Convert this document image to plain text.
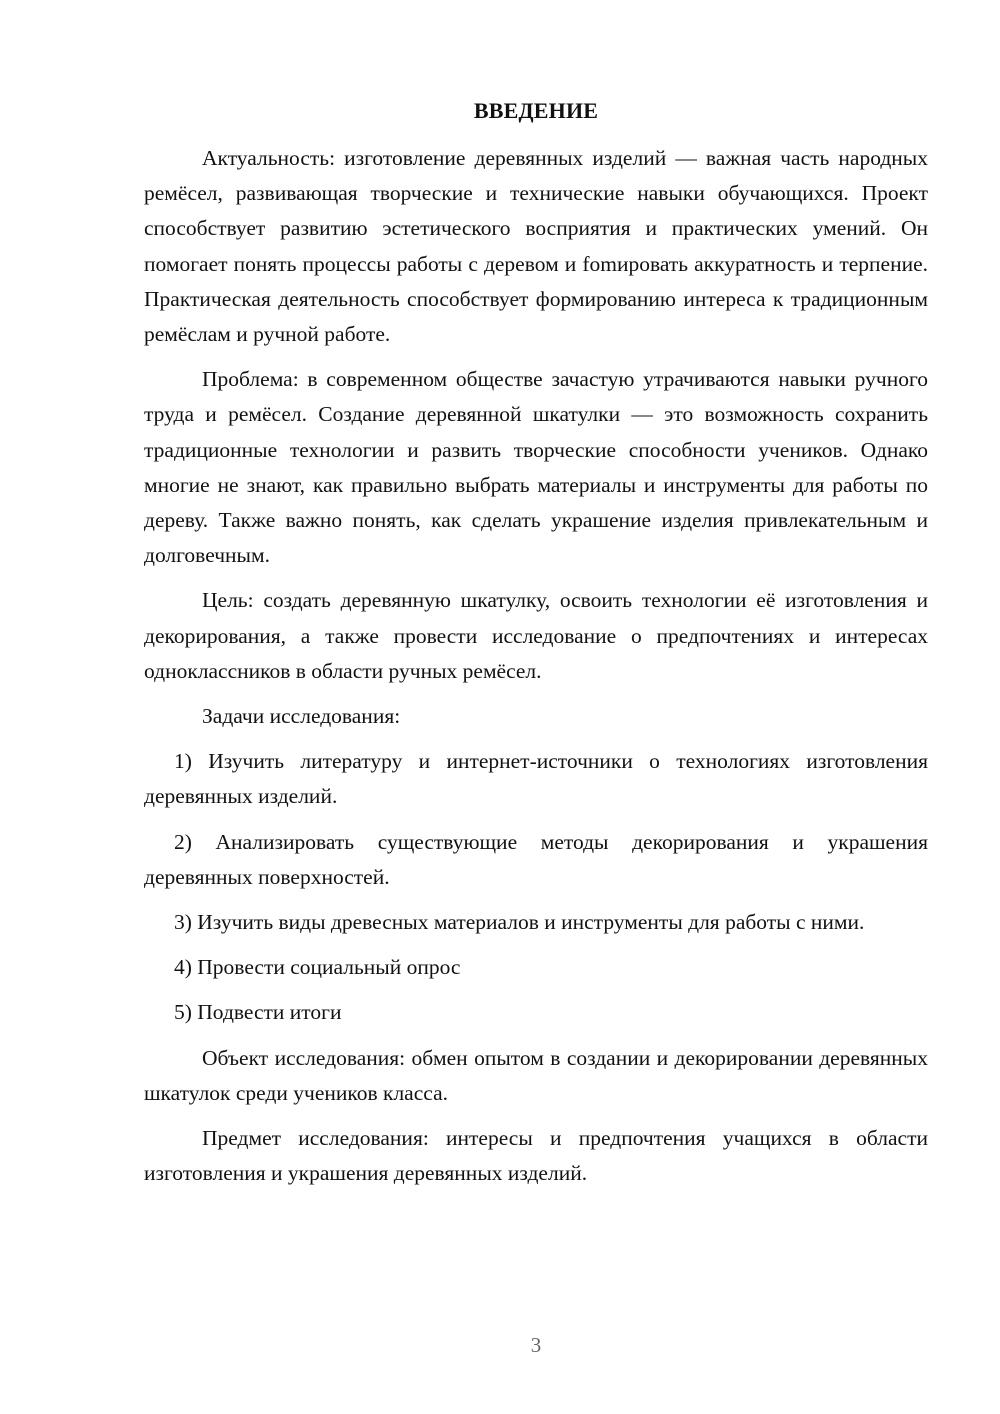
ВВЕДЕНИЕ

Актуальность: изготовление деревянных изделий — важная часть народных ремёсел, развивающая творческие и технические навыки обучающихся. Проект способствует развитию эстетического восприятия и практических умений. Он помогает понять процессы работы с деревом и fomировать аккуратность и терпение. Практическая деятельность способствует формированию интереса к традиционным ремёслам и ручной работе.

Проблема: в современном обществе зачастую утрачиваются навыки ручного труда и ремёсел. Создание деревянной шкатулки — это возможность сохранить традиционные технологии и развить творческие способности учеников. Однако многие не знают, как правильно выбрать материалы и инструменты для работы по дереву. Также важно понять, как сделать украшение изделия привлекательным и долговечным.

Цель: создать деревянную шкатулку, освоить технологии её изготовления и декорирования, а также провести исследование о предпочтениях и интересах одноклассников в области ручных ремёсел.

Задачи исследования:

1) Изучить литературу и интернет-источники о технологиях изготовления деревянных изделий.

2) Анализировать существующие методы декорирования и украшения деревянных поверхностей.

3) Изучить виды древесных материалов и инструменты для работы с ними.

4) Провести социальный опрос

5) Подвести итоги

Объект исследования: обмен опытом в создании и декорировании деревянных шкатулок среди учеников класса.

Предмет исследования: интересы и предпочтения учащихся в области изготовления и украшения деревянных изделий.

3
